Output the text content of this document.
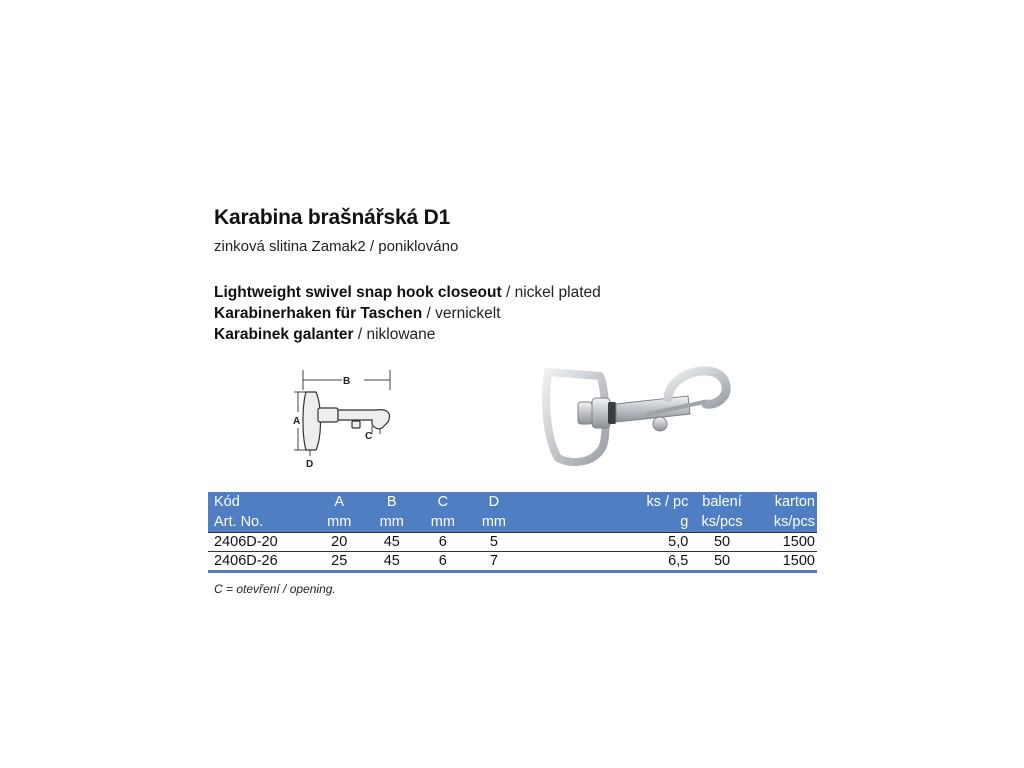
Karabina brašnářská D1
zinková slitina Zamak2 / poniklováno
Lightweight swivel snap hook closeout / nickel plated
Karabinerhaken für Taschen / vernickelt
Karabinek galanter / niklowane
B
A
C
D
Kód	A	B	C	D		ks / pc	balení	karton
Art. No.	mm	mm	mm	mm		g	ks/pcs	ks/pcs
2406D-20	20	45	6	5		5,0	50	1500
2406D-26	25	45	6	7		6,5	50	1500
C = otevření / opening.
